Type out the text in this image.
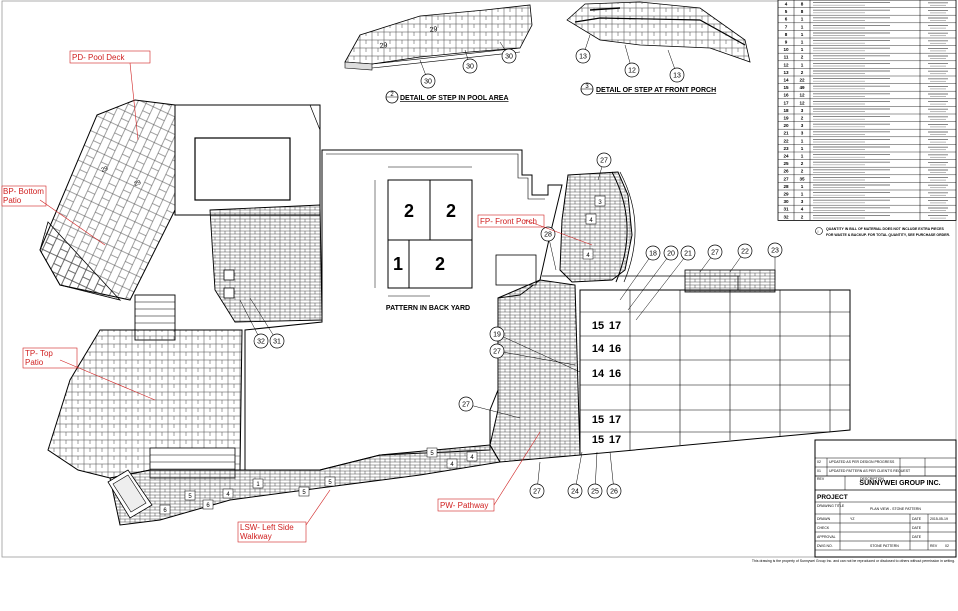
29
29
30
30
30	13
12
13
2 DETAIL OF STEP IN POOL AREA
3 DETAIL OF STEP AT FRONT PORCH
4	8
5	8
6	1
7	1
8	1
9	1
10	1
11	2
12	1
13	2
14 22
15 49
16 12
17 12
18	3
19	2
20	3
21	3
22	1
23	1
24	1
25	2
26	2
27 35
28	1
29	1
30	3
31	4
32	2
!
QUANTITY IN BILL OF MATERIAL DOES NOT INCLUDE EXTRA PIECES
FOR WASTE & BACKUP. FOR TOTAL QUANTITY, SEE PURCHASE ORDER.
15 17
14 16
14 16
15 17
15 17
2 2
1 2
PATTERN IN BACK YARD
29
29
3
4
4
5
4
4
5
1
5
4
6
5
6
27
28
18 20 21	27	22	23
19
27
27
27	24 25 26
32 31
PD- Pool Deck
BP- Bottom
Patio
TP- Top
Patio
FP- Front Porch
PW- Pathway
LSW- Left Side
Walkway
02 UPDATED AS PER DESIGN PROGRESS
01 UPDATED PATTERN AS PER CLIENT'S REQUEST
REV	DESCRIPTION
SUNNYWEI GROUP INC.
PROJECT
DRAWING TITLE
PLAN VIEW - STONE PATTERN
DRAWN	YZ	DATE	2015-05-19
CHECK	DATE
APPROVAL	DATE
DWG NO.	STONE PATTERN	REV 02
This drawing is the property of Sunnywei Group Inc. and can not be reproduced or disclosed to others without permission in writing.
